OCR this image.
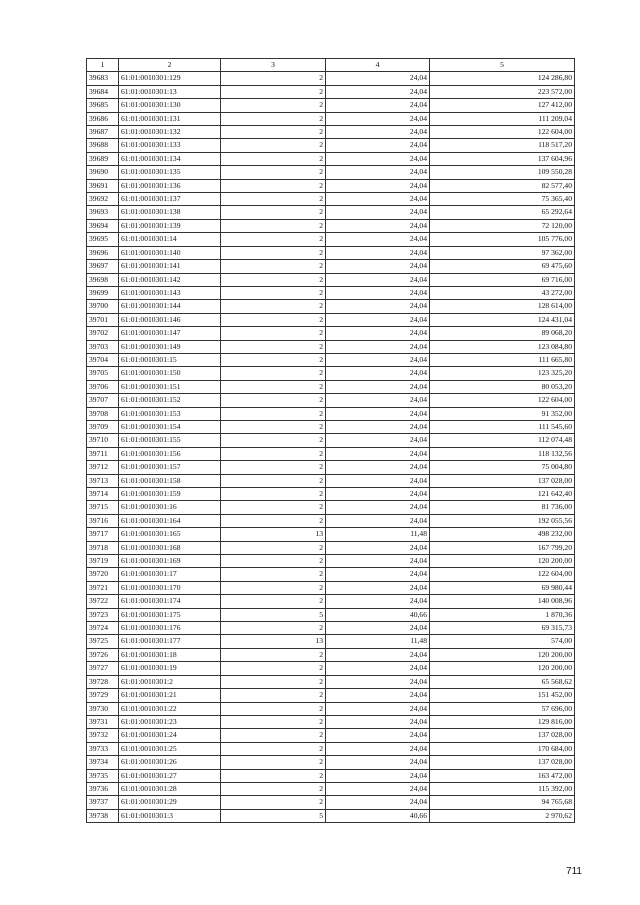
1	2	3	4	5
39683	61:01:0010301:129	2	24,04	124 286,80
39684	61:01:0010301:13	2	24,04	223 572,00
39685	61:01:0010301:130	2	24,04	127 412,00
39686	61:01:0010301:131	2	24,04	111 209,04
39687	61:01:0010301:132	2	24,04	122 604,00
39688	61:01:0010301:133	2	24,04	118 517,20
39689	61:01:0010301:134	2	24,04	137 604,96
39690	61:01:0010301:135	2	24,04	109 550,28
39691	61:01:0010301:136	2	24,04	82 577,40
39692	61:01:0010301:137	2	24,04	75 365,40
39693	61:01:0010301:138	2	24,04	65 292,64
39694	61:01:0010301:139	2	24,04	72 120,00
39695	61:01:0010301:14	2	24,04	105 776,00
39696	61:01:0010301:140	2	24,04	97 362,00
39697	61:01:0010301:141	2	24,04	69 475,60
39698	61:01:0010301:142	2	24,04	69 716,00
39699	61:01:0010301:143	2	24,04	43 272,00
39700	61:01:0010301:144	2	24,04	128 614,00
39701	61:01:0010301:146	2	24,04	124 431,04
39702	61:01:0010301:147	2	24,04	89 068,20
39703	61:01:0010301:149	2	24,04	123 084,80
39704	61:01:0010301:15	2	24,04	111 665,80
39705	61:01:0010301:150	2	24,04	123 325,20
39706	61:01:0010301:151	2	24,04	80 053,20
39707	61:01:0010301:152	2	24,04	122 604,00
39708	61:01:0010301:153	2	24,04	91 352,00
39709	61:01:0010301:154	2	24,04	111 545,60
39710	61:01:0010301:155	2	24,04	112 074,48
39711	61:01:0010301:156	2	24,04	118 132,56
39712	61:01:0010301:157	2	24,04	75 004,80
39713	61:01:0010301:158	2	24,04	137 028,00
39714	61:01:0010301:159	2	24,04	121 642,40
39715	61:01:0010301:16	2	24,04	81 736,00
39716	61:01:0010301:164	2	24,04	192 055,56
39717	61:01:0010301:165	13	11,48	498 232,00
39718	61:01:0010301:168	2	24,04	167 799,20
39719	61:01:0010301:169	2	24,04	120 200,00
39720	61:01:0010301:17	2	24,04	122 604,00
39721	61:01:0010301:170	2	24,04	69 980,44
39722	61:01:0010301:174	2	24,04	140 008,96
39723	61:01:0010301:175	5	40,66	1 870,36
39724	61:01:0010301:176	2	24,04	69 315,73
39725	61:01:0010301:177	13	11,48	574,00
39726	61:01:0010301:18	2	24,04	120 200,00
39727	61:01:0010301:19	2	24,04	120 200,00
39728	61:01:0010301:2	2	24,04	65 568,62
39729	61:01:0010301:21	2	24,04	151 452,00
39730	61:01:0010301:22	2	24,04	57 696,00
39731	61:01:0010301:23	2	24,04	129 816,00
39732	61:01:0010301:24	2	24,04	137 028,00
39733	61:01:0010301:25	2	24,04	170 684,00
39734	61:01:0010301:26	2	24,04	137 028,00
39735	61:01:0010301:27	2	24,04	163 472,00
39736	61:01:0010301:28	2	24,04	115 392,00
39737	61:01:0010301:29	2	24,04	94 765,68
39738	61:01:0010301:3	5	40,66	2 970,62
711
